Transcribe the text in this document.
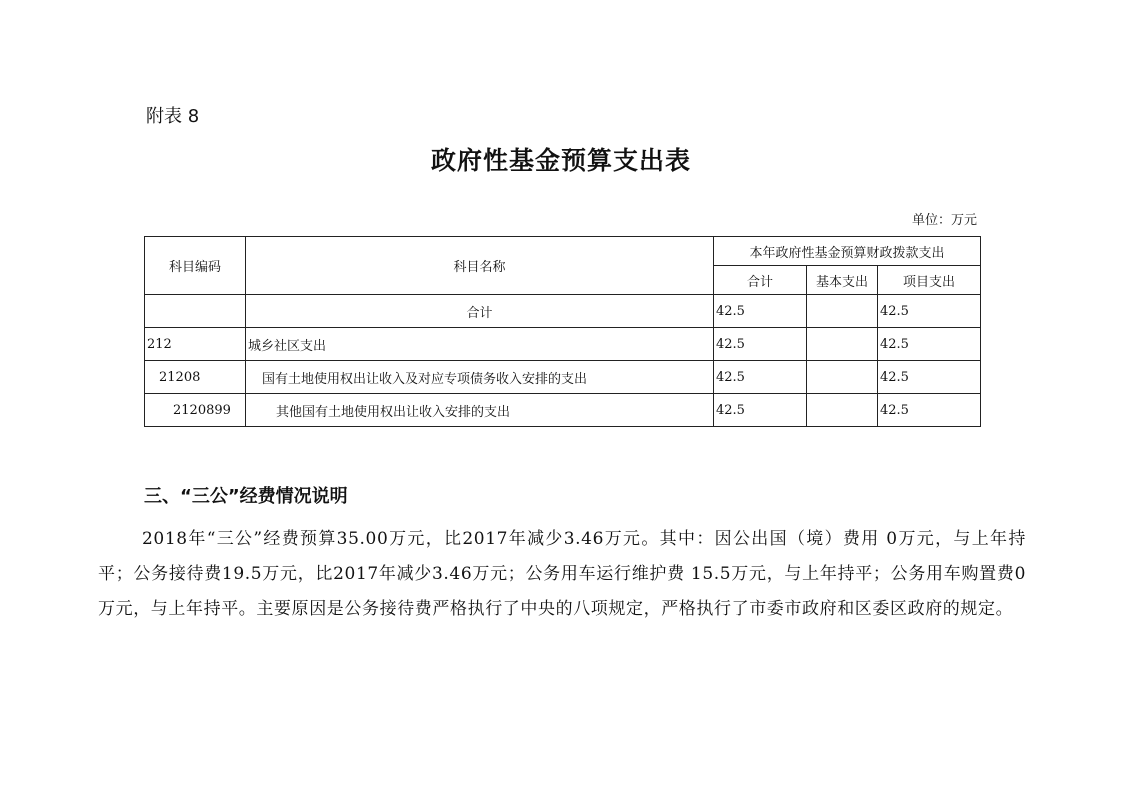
附表 8
政府性基金预算支出表
单位：万元
科目编码	科目名称	本年政府性基金预算财政拨款支出		
		合计	基本支出	项目支出
	合计	42.5		42.5
212	城乡社区支出	42.5		42.5
21208	国有土地使用权出让收入及对应专项债务收入安排的支出	42.5		42.5
2120899	其他国有土地使用权出让收入安排的支出	42.5		42.5
三、“三公”经费情况说明
2018年“三公”经费预算35.00万元，比2017年减少3.46万元。其中：因公出国（境）费用 0万元，与上年持平；公务接待费19.5万元，比2017年减少3.46万元；公务用车运行维护费 15.5万元，与上年持平；公务用车购置费0万元，与上年持平。主要原因是公务接待费严格执行了中央的八项规定，严格执行了市委市政府和区委区政府的规定。
